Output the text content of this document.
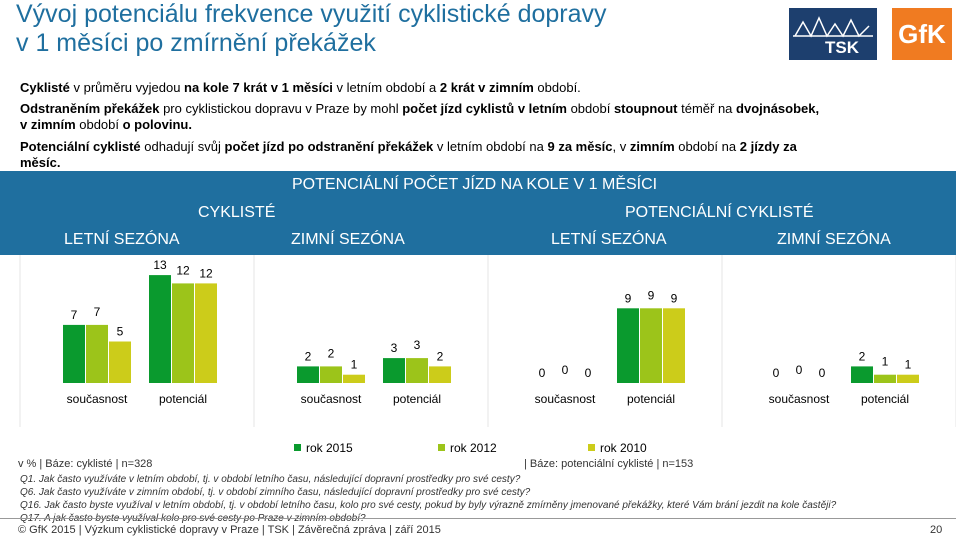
Vývoj potenciálu frekvence využití cyklistické dopravy
v 1 měsíci po zmírnění překážek	TSK GfK
Cyklisté v průměru vyjedou na kole 7 krát v 1 měsíci v letním období a 2 krát v zimním období.
Odstraněním překážek pro cyklistickou dopravu v Praze by mohl počet jízd cyklistů v letním období stoupnout téměř na dvojnásobek,
v zimním období o polovinu.
Potenciální cyklisté odhadují svůj počet jízd po odstranění překážek v letním období na 9 za měsíc, v zimním období na 2 jízdy za
měsíc.
POTENCIÁLNÍ POČET JÍZD NA KOLE V 1 MĚSÍCI
CYKLISTÉ	POTENCIÁLNÍ CYKLISTÉ
LETNÍ SEZÓNA	ZIMNÍ SEZÓNA	LETNÍ SEZÓNA	ZIMNÍ SEZÓNA
7 7
5
současnost
13 12 12
potenciál
2 2
1
současnost
3 3
2
potenciál
0 0 0
současnost
9 9 9
potenciál
0 0 0
současnost
2 1 1
potenciál
rok 2015	rok 2012	rok 2010
v % | Báze: cyklisté | n=328	| Báze: potenciální cyklisté | n=153
Q1. Jak často využíváte v letním období, tj. v období letního času, následující dopravní prostředky pro své cesty?
Q6. Jak často využíváte v zimním období, tj. v období zimního času, následující dopravní prostředky pro své cesty?
Q16. Jak často byste využíval v letním období, tj. v období letního času, kolo pro své cesty, pokud by byly výrazně zmírněny jmenované překážky, které Vám brání jezdit na kole častěji?
© GfK 2015 | Výzkum cyklistické dopravy v Praze | TSK | Závěrečná zpráva | září 2015	20
